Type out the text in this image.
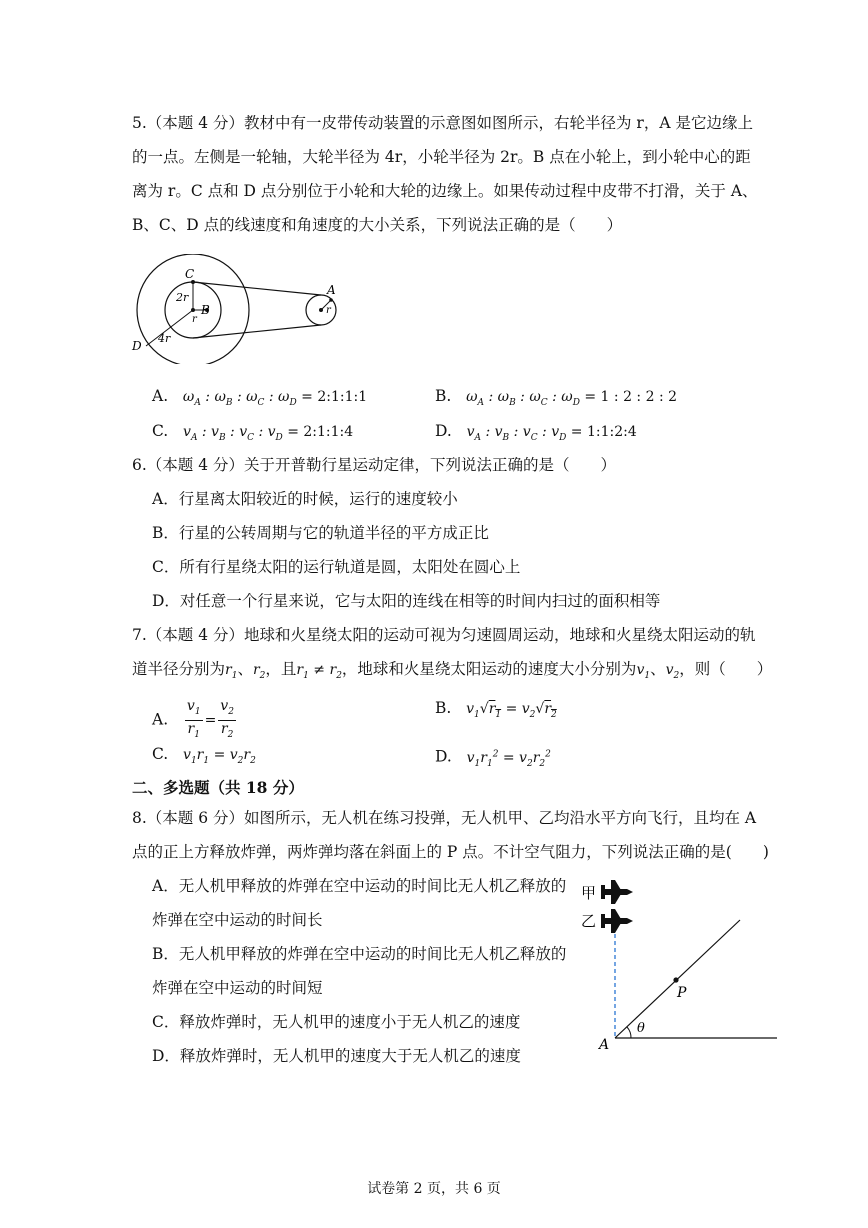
5.（本题 4 分）教材中有一皮带传动装置的示意图如图所示，右轮半径为 r，A 是它边缘上
的一点。左侧是一轮轴，大轮半径为 4r，小轮半径为 2r。B 点在小轮上，到小轮中心的距
离为 r。C 点和 D 点分别位于小轮和大轮的边缘上。如果传动过程中皮带不打滑，关于 A、
B、C、D 点的线速度和角速度的大小关系，下列说法正确的是（　　）
C
2r
B
r
D
4r
A
r
A. $\omega_A$ : $\omega_B$ : $\omega_C$ : $\omega_D$ = 2:1:1:1	B. $\omega_A$ : $\omega_B$ : $\omega_C$ : $\omega_D = 1$ : 2 : 2 : 2
C. $v_A$ : $v_B$ : $v_C$ : $v_D$ = 2:1:1:4	D. $v_A$ : $v_B$ : $v_C$ : $v_D$ = 1:1:2:4
6.（本题 4 分）关于开普勒行星运动定律，下列说法正确的是（　　）
A．行星离太阳较近的时候，运行的速度较小
B．行星的公转周期与它的轨道半径的平方成正比
C．所有行星绕太阳的运行轨道是圆，太阳处在圆心上
D．对任意一个行星来说，它与太阳的连线在相等的时间内扫过的面积相等
7.（本题 4 分）地球和火星绕太阳的运动可视为匀速圆周运动，地球和火星绕太阳运动的轨
道半径分别为$r_1$、$r_2$，且$r_1 \ne r_2$，地球和火星绕太阳运动的速度大小分别为$v_1$、$v_2$，则（　　）
A. $\frac{v_1}{r_1} = \frac{v_2}{r_2}$	B. $v_1√r_1 = v_2√r_2$
C. $v_1r_1 = v_2r_2$	D. $v_1r_1^2 = v_2r_2^2$
二、多选题（共 18 分）
8.（本题 6 分）如图所示，无人机在练习投弹，无人机甲、乙均沿水平方向飞行，且均在 A
点的正上方释放炸弹，两炸弹均落在斜面上的 P 点。不计空气阻力，下列说法正确的是(　　)
A．无人机甲释放的炸弹在空中运动的时间比无人机乙释放的
炸弹在空中运动的时间长
B．无人机甲释放的炸弹在空中运动的时间比无人机乙释放的
炸弹在空中运动的时间短
C．释放炸弹时，无人机甲的速度小于无人机乙的速度
D．释放炸弹时，无人机甲的速度大于无人机乙的速度
甲
乙
P
θ
A
试卷第 2 页，共 6 页
